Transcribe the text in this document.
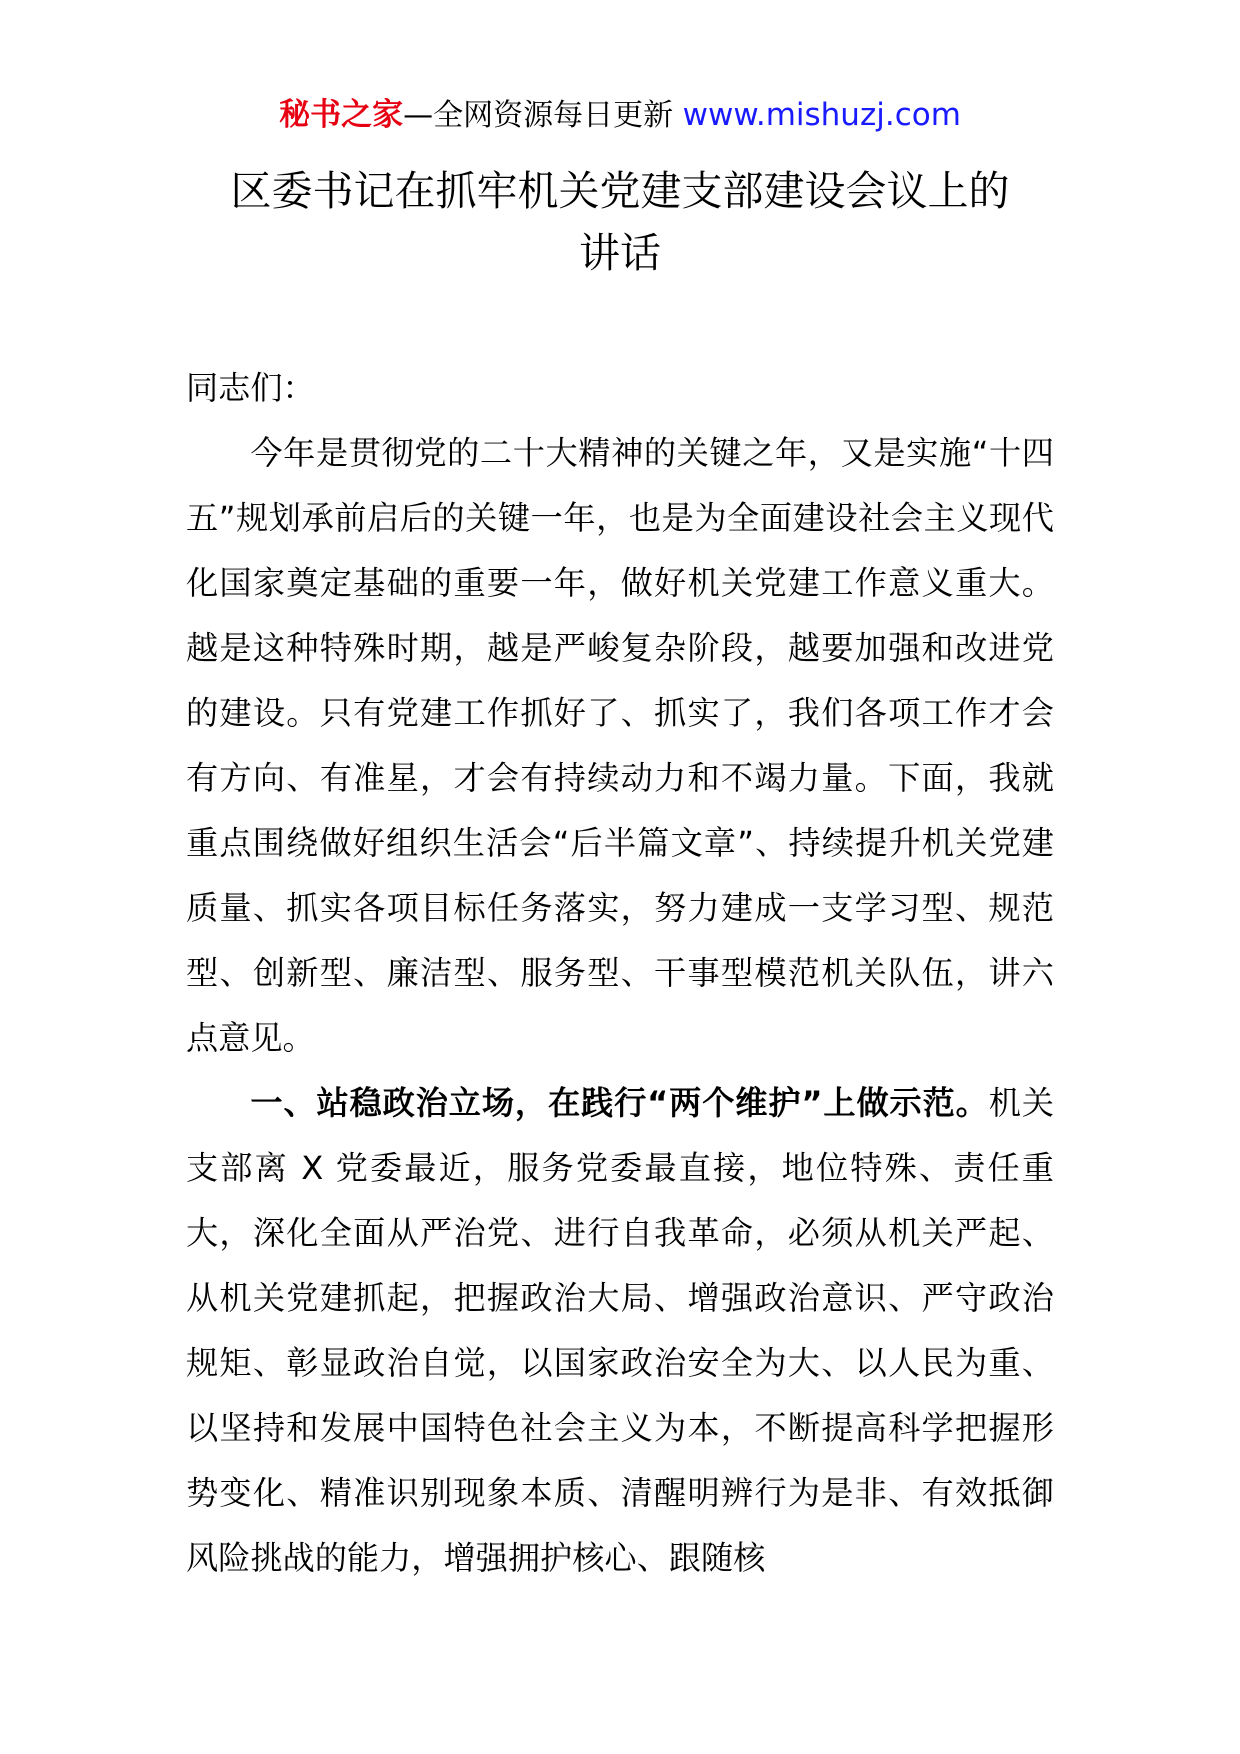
秘书之家—全网资源每日更新 www.mishuzj.com
区委书记在抓牢机关党建支部建设会议上的
讲话

同志们：

今年是贯彻党的二十大精神的关键之年，又是实施“十四五”规划承前启后的关键一年，也是为全面建设社会主义现代化国家奠定基础的重要一年，做好机关党建工作意义重大。越是这种特殊时期，越是严峻复杂阶段，越要加强和改进党的建设。只有党建工作抓好了、抓实了，我们各项工作才会有方向、有准星，才会有持续动力和不竭力量。下面，我就重点围绕做好组织生活会“后半篇文章”、持续提升机关党建质量、抓实各项目标任务落实，努力建成一支学习型、规范型、创新型、廉洁型、服务型、干事型模范机关队伍，讲六点意见。

一、站稳政治立场，在践行“两个维护”上做示范。机关支部离 X 党委最近，服务党委最直接，地位特殊、责任重大，深化全面从严治党、进行自我革命，必须从机关严起、从机关党建抓起，把握政治大局、增强政治意识、严守政治规矩、彰显政治自觉，以国家政治安全为大、以人民为重、以坚持和发展中国特色社会主义为本，不断提高科学把握形势变化、精准识别现象本质、清醒明辨行为是非、有效抵御风险挑战的能力，增强拥护核心、跟随核
